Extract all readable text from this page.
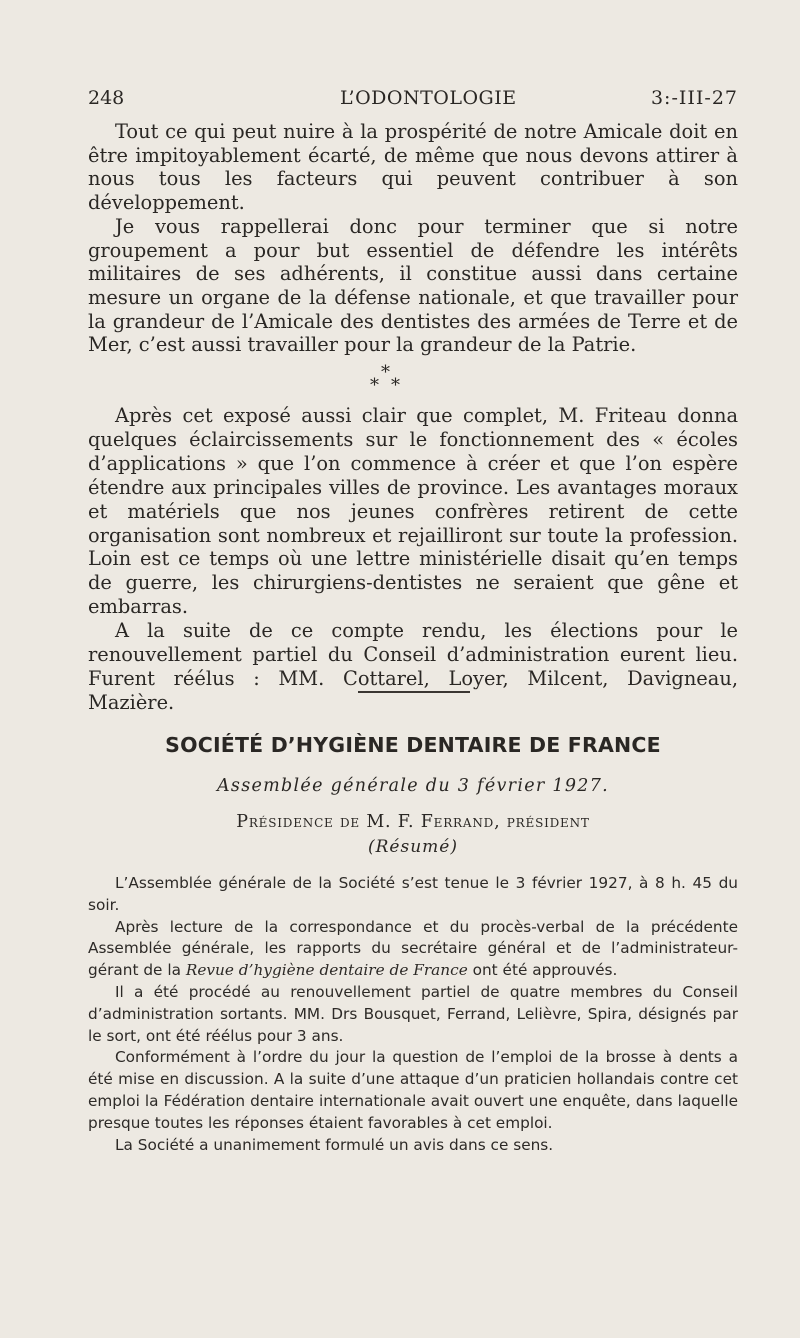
248	L’ODONTOLOGIE	3:-III-27

Tout ce qui peut nuire à la prospérité de notre Amicale doit en être impitoyablement écarté, de même que nous devons attirer à nous tous les facteurs qui peuvent contribuer à son développement.

Je vous rappellerai donc pour terminer que si notre groupement a pour but essentiel de défendre les intérêts militaires de ses adhérents, il constitue aussi dans certaine mesure un organe de la défense nationale, et que travailler pour la grandeur de l’Amicale des dentistes des armées de Terre et de Mer, c’est aussi travailler pour la grandeur de la Patrie.

*
* *

Après cet exposé aussi clair que complet, M. Friteau donna quelques éclaircissements sur le fonctionnement des « écoles d’applications » que l’on commence à créer et que l’on espère étendre aux principales villes de province. Les avantages moraux et matériels que nos jeunes confrères retirent de cette organisation sont nombreux et rejailliront sur toute la profession. Loin est ce temps où une lettre ministérielle disait qu’en temps de guerre, les chirurgiens-dentistes ne seraient que gêne et embarras.

A la suite de ce compte rendu, les élections pour le renouvellement partiel du Conseil d’administration eurent lieu. Furent réélus : MM. Cottarel, Loyer, Milcent, Davigneau, Mazière.

SOCIÉTÉ D’HYGIÈNE DENTAIRE DE FRANCE
Assemblée générale du 3 février 1927.
Présidence de M. F. Ferrand, président
(Résumé)

L’Assemblée générale de la Société s’est tenue le 3 février 1927, à 8 h. 45 du soir.

Après lecture de la correspondance et du procès-verbal de la précédente Assemblée générale, les rapports du secrétaire général et de l’administrateur-gérant de la Revue d’hygiène dentaire de France ont été approuvés.

Il a été procédé au renouvellement partiel de quatre membres du Conseil d’administration sortants. MM. Drs Bousquet, Ferrand, Lelièvre, Spira, désignés par le sort, ont été réélus pour 3 ans.

Conformément à l’ordre du jour la question de l’emploi de la brosse à dents a été mise en discussion. A la suite d’une attaque d’un praticien hollandais contre cet emploi la Fédération dentaire internationale avait ouvert une enquête, dans laquelle presque toutes les réponses étaient favorables à cet emploi.

La Société a unanimement formulé un avis dans ce sens.
